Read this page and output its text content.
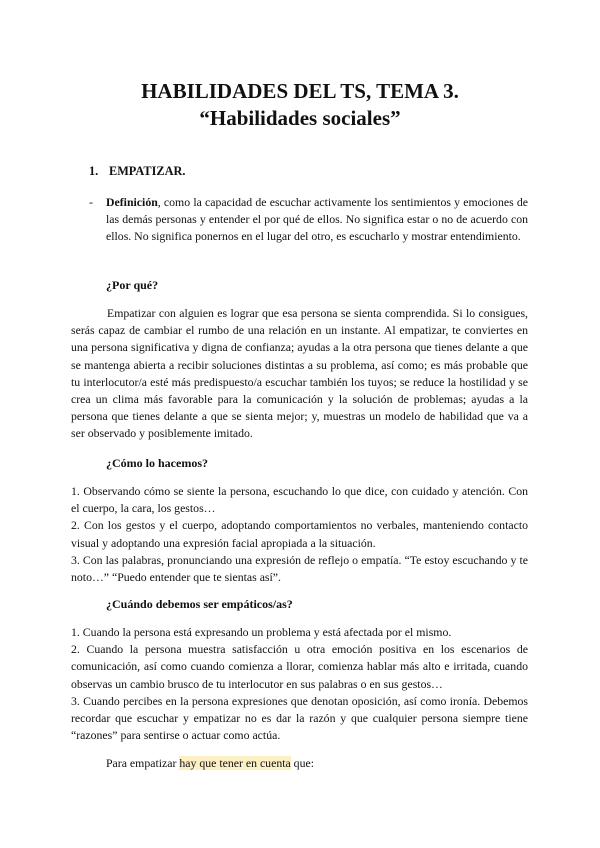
HABILIDADES DEL TS, TEMA 3.
“Habilidades sociales”
1. EMPATIZAR.
- Definición, como la capacidad de escuchar activamente los sentimientos y emociones de las demás personas y entender el por qué de ellos. No significa estar o no de acuerdo con ellos. No significa ponernos en el lugar del otro, es escucharlo y mostrar entendimiento.

¿Por qué?

Empatizar con alguien es lograr que esa persona se sienta comprendida. Si lo consigues, serás capaz de cambiar el rumbo de una relación en un instante. Al empatizar, te conviertes en una persona significativa y digna de confianza; ayudas a la otra persona que tienes delante a que se mantenga abierta a recibir soluciones distintas a su problema, así como; es más probable que tu interlocutor/a esté más predispuesto/a escuchar también los tuyos; se reduce la hostilidad y se crea un clima más favorable para la comunicación y la solución de problemas; ayudas a la persona que tienes delante a que se sienta mejor; y, muestras un modelo de habilidad que va a ser observado y posiblemente imitado.

¿Cómo lo hacemos?
1. Observando cómo se siente la persona, escuchando lo que dice, con cuidado y atención. Con el cuerpo, la cara, los gestos…
2. Con los gestos y el cuerpo, adoptando comportamientos no verbales, manteniendo contacto visual y adoptando una expresión facial apropiada a la situación.
3. Con las palabras, pronunciando una expresión de reflejo o empatía. “Te estoy escuchando y te noto…” “Puedo entender que te sientas así”.
¿Cuándo debemos ser empáticos/as?
1. Cuando la persona está expresando un problema y está afectada por el mismo.
2. Cuando la persona muestra satisfacción u otra emoción positiva en los escenarios de comunicación, así como cuando comienza a llorar, comienza hablar más alto e irritada, cuando observas un cambio brusco de tu interlocutor en sus palabras o en sus gestos…
3. Cuando percibes en la persona expresiones que denotan oposición, así como ironía. Debemos recordar que escuchar y empatizar no es dar la razón y que cualquier persona siempre tiene “razones” para sentirse o actuar como actúa.

Para empatizar hay que tener en cuenta que:
